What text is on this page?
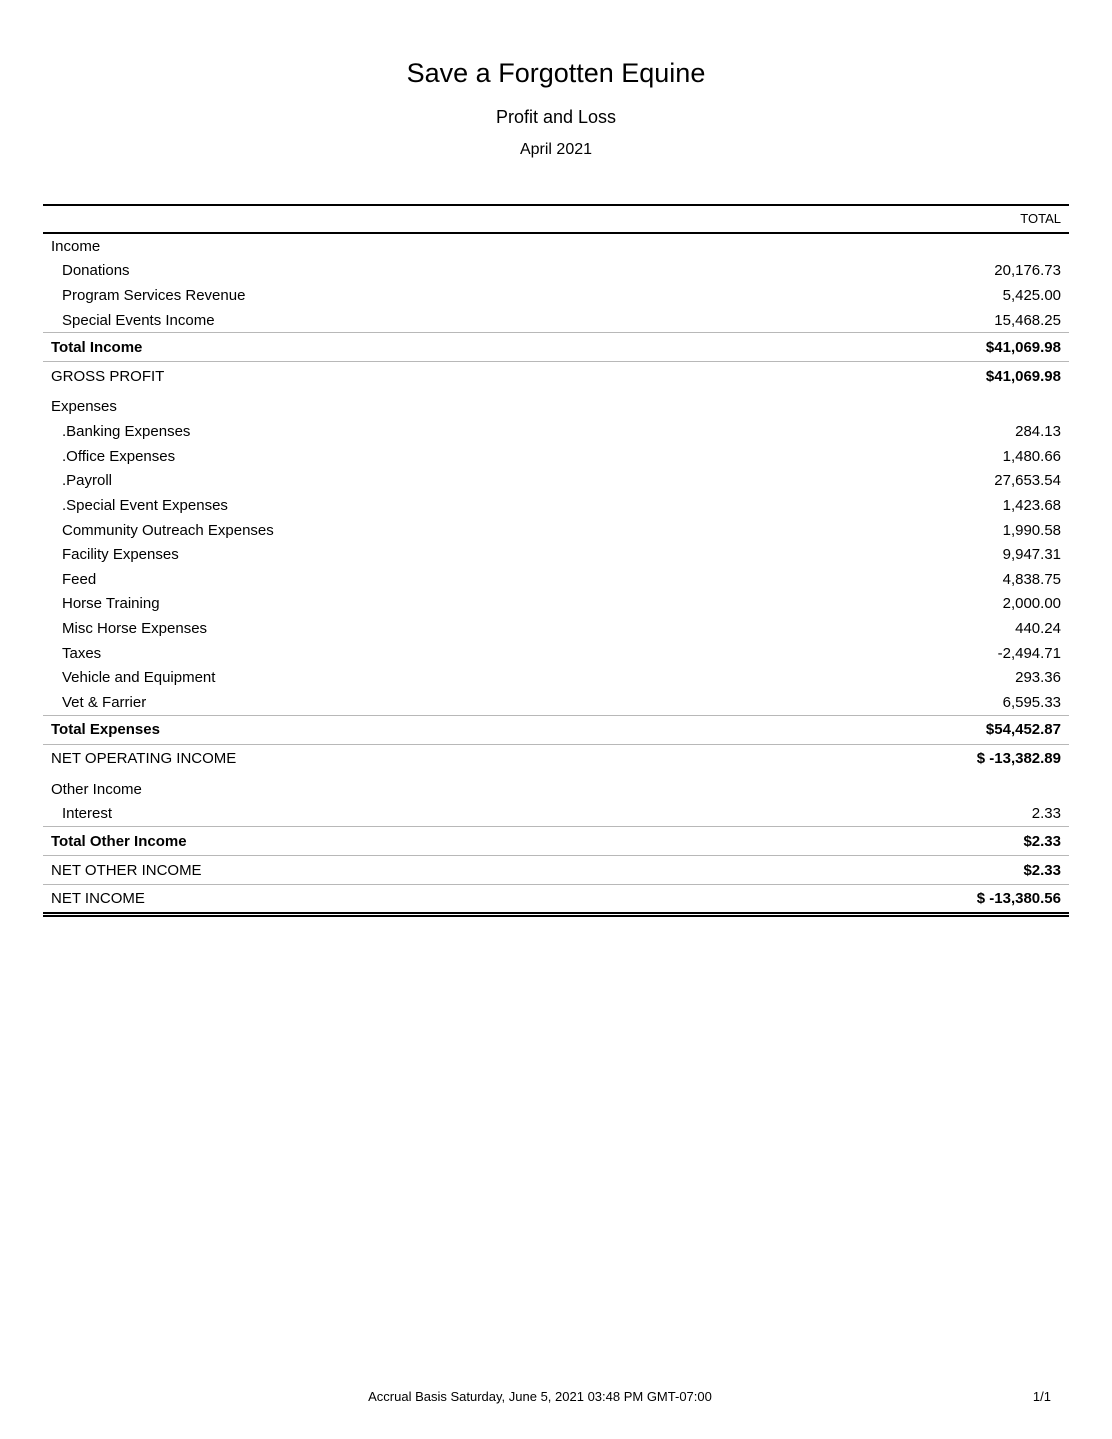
Save a Forgotten Equine
Profit and Loss
April 2021
TOTAL
Income
Donations	20,176.73
Program Services Revenue	5,425.00
Special Events Income	15,468.25
Total Income	$41,069.98
GROSS PROFIT	$41,069.98
Expenses
.Banking Expenses	284.13
.Office Expenses	1,480.66
.Payroll	27,653.54
.Special Event Expenses	1,423.68
Community Outreach Expenses	1,990.58
Facility Expenses	9,947.31
Feed	4,838.75
Horse Training	2,000.00
Misc Horse Expenses	440.24
Taxes	-2,494.71
Vehicle and Equipment	293.36
Vet & Farrier	6,595.33
Total Expenses	$54,452.87
NET OPERATING INCOME	$ -13,382.89
Other Income
Interest	2.33
Total Other Income	$2.33
NET OTHER INCOME	$2.33
NET INCOME	$ -13,380.56
Accrual Basis Saturday, June 5, 2021 03:48 PM GMT-07:00	1/1
